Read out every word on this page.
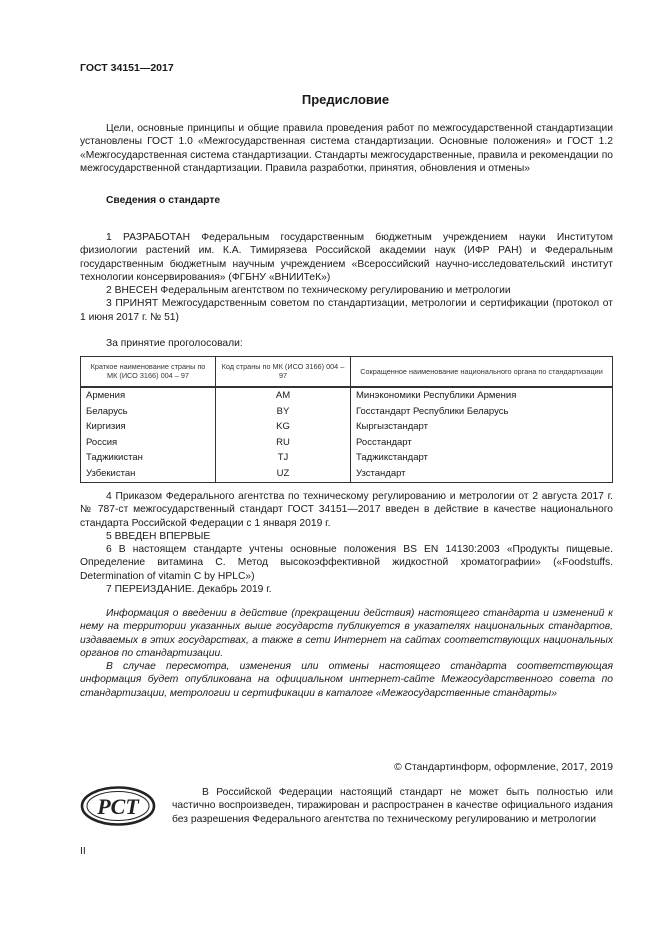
ГОСТ 34151—2017
Предисловие

Цели, основные принципы и общие правила проведения работ по межгосударственной стандартизации установлены ГОСТ 1.0 «Межгосударственная система стандартизации. Основные положения» и ГОСТ 1.2 «Межгосударственная система стандартизации. Стандарты межгосударственные, правила и рекомендации по межгосударственной стандартизации. Правила разработки, принятия, обновления и отмены»

Сведения о стандарте

1 РАЗРАБОТАН Федеральным государственным бюджетным учреждением науки Институтом физиологии растений им. К.А. Тимирязева Российской академии наук (ИФР РАН) и Федеральным государственным бюджетным научным учреждением «Всероссийский научно-исследовательский институт технологии консервирования» (ФГБНУ «ВНИИТеК»)

2 ВНЕСЕН Федеральным агентством по техническому регулированию и метрологии

3 ПРИНЯТ Межгосударственным советом по стандартизации, метрологии и сертификации (протокол от 1 июня 2017 г. № 51)

За принятие проголосовали:
Краткое наименование страны по МК (ИСО 3166) 004 – 97	Код страны по МК (ИСО 3166) 004 – 97	Сокращенное наименование национального органа по стандартизации
Армения	AM	Минэкономики Республики Армения
Беларусь	BY	Госстандарт Республики Беларусь
Киргизия	KG	Кыргызстандарт
Россия	RU	Росстандарт
Таджикистан	TJ	Таджикстандарт
Узбекистан	UZ	Узстандарт

4 Приказом Федерального агентства по техническому регулированию и метрологии от 2 августа 2017 г. № 787-ст межгосударственный стандарт ГОСТ 34151—2017 введен в действие в качестве национального стандарта Российской Федерации с 1 января 2019 г.

5 ВВЕДЕН ВПЕРВЫЕ

6 В настоящем стандарте учтены основные положения BS EN 14130:2003 «Продукты пищевые. Определение витамина С. Метод высокоэффективной жидкостной хроматографии» («Foodstuffs. Determination of vitamin C by HPLC»)

7 ПЕРЕИЗДАНИЕ. Декабрь 2019 г.

Информация о введении в действие (прекращении действия) настоящего стандарта и изменений к нему на территории указанных выше государств публикуется в указателях национальных стандартов, издаваемых в этих государствах, а также в сети Интернет на сайтах соответствующих национальных органов по стандартизации.

В случае пересмотра, изменения или отмены настоящего стандарта соответствующая информация будет опубликована на официальном интернет-сайте Межгосударственного совета по стандартизации, метрологии и сертификации в каталоге «Межгосударственные стандарты»

© Стандартинформ, оформление, 2017, 2019
PCT

В Российской Федерации настоящий стандарт не может быть полностью или частично воспроизведен, тиражирован и распространен в качестве официального издания без разрешения Федерального агентства по техническому регулированию и метрологии

II
